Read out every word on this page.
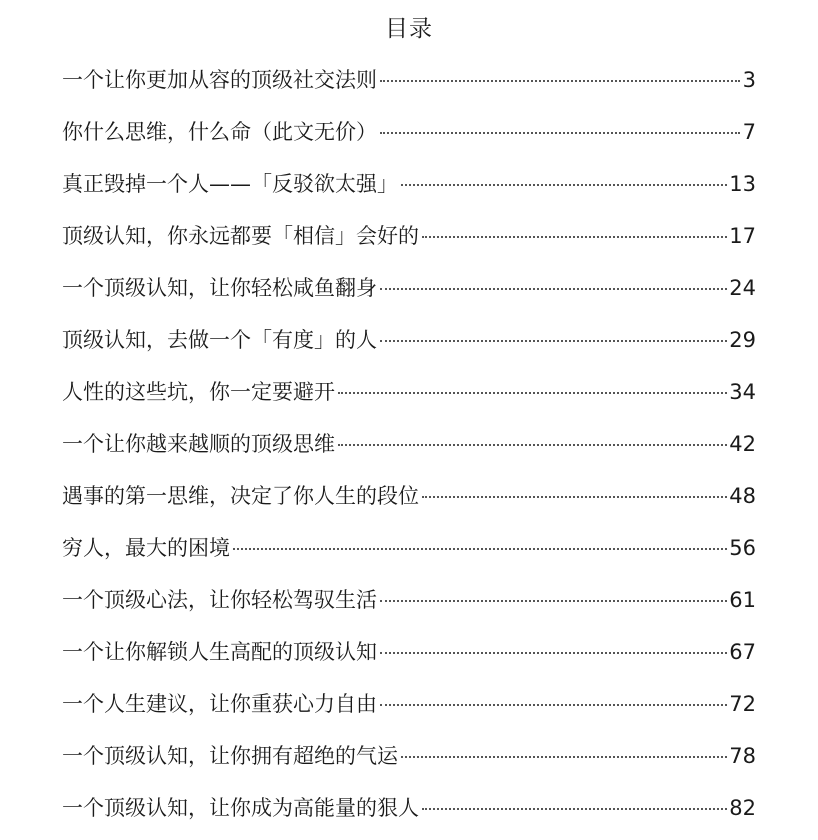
目录
一个让你更加从容的顶级社交法则	3
你什么思维，什么命（此文无价）	7
真正毁掉一个人——「反驳欲太强」	13
顶级认知，你永远都要「相信」会好的	17
一个顶级认知，让你轻松咸鱼翻身	24
顶级认知，去做一个「有度」的人	29
人性的这些坑，你一定要避开	34
一个让你越来越顺的顶级思维	42
遇事的第一思维，决定了你人生的段位	48
穷人，最大的困境	56
一个顶级心法，让你轻松驾驭生活	61
一个让你解锁人生高配的顶级认知	67
一个人生建议，让你重获心力自由	72
一个顶级认知，让你拥有超绝的气运	78
一个顶级认知，让你成为高能量的狠人	82
